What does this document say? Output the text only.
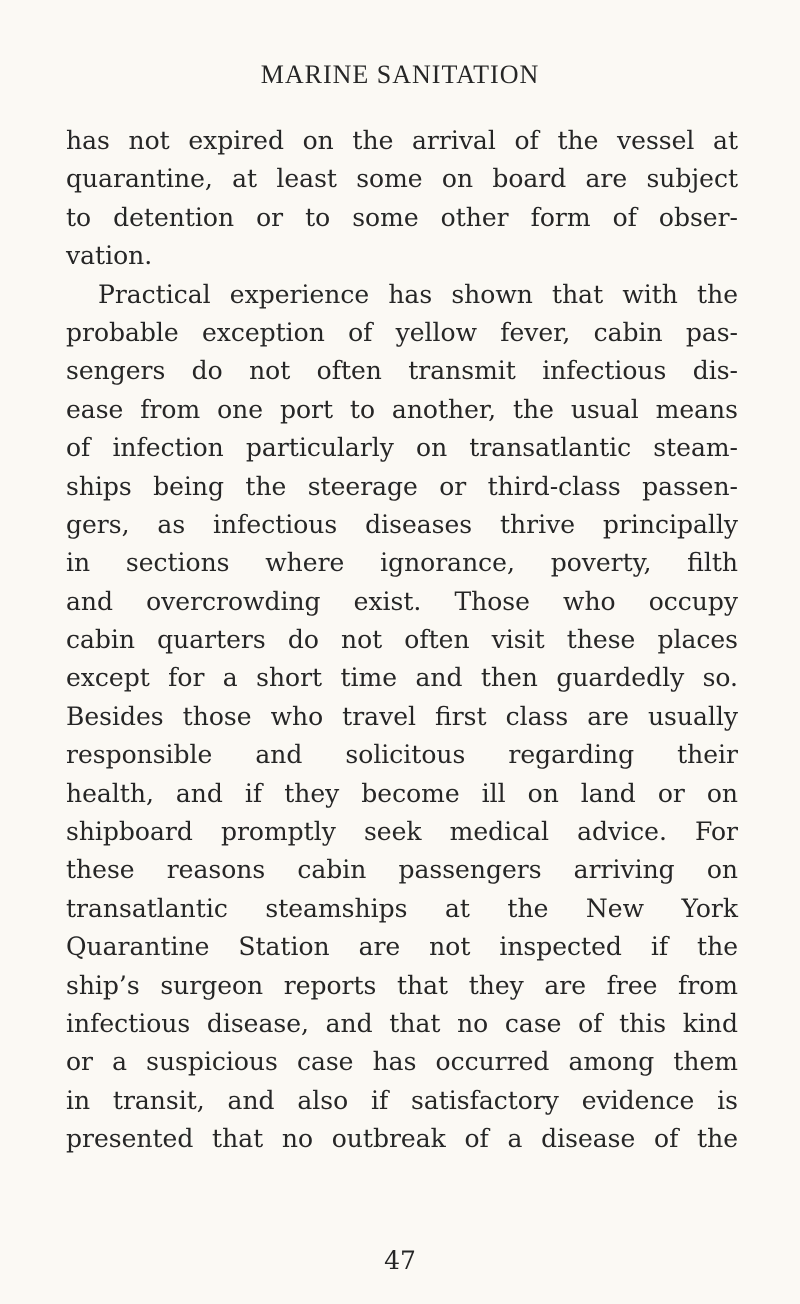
MARINE SANITATION
has not expired on the arrival of the vessel at
quarantine, at least some on board are subject
to detention or to some other form of obser-
vation.
Practical experience has shown that with the
probable exception of yellow fever, cabin pas-
sengers do not often transmit infectious dis-
ease from one port to another, the usual means
of infection particularly on transatlantic steam-
ships being the steerage or third-class passen-
gers, as infectious diseases thrive principally
in sections where ignorance, poverty, filth
and overcrowding exist. Those who occupy
cabin quarters do not often visit these places
except for a short time and then guardedly so.
Besides those who travel first class are usually
responsible and solicitous regarding their
health, and if they become ill on land or on
shipboard promptly seek medical advice. For
these reasons cabin passengers arriving on
transatlantic steamships at the New York
Quarantine Station are not inspected if the
ship’s surgeon reports that they are free from
infectious disease, and that no case of this kind
or a suspicious case has occurred among them
in transit, and also if satisfactory evidence is
presented that no outbreak of a disease of the
47
